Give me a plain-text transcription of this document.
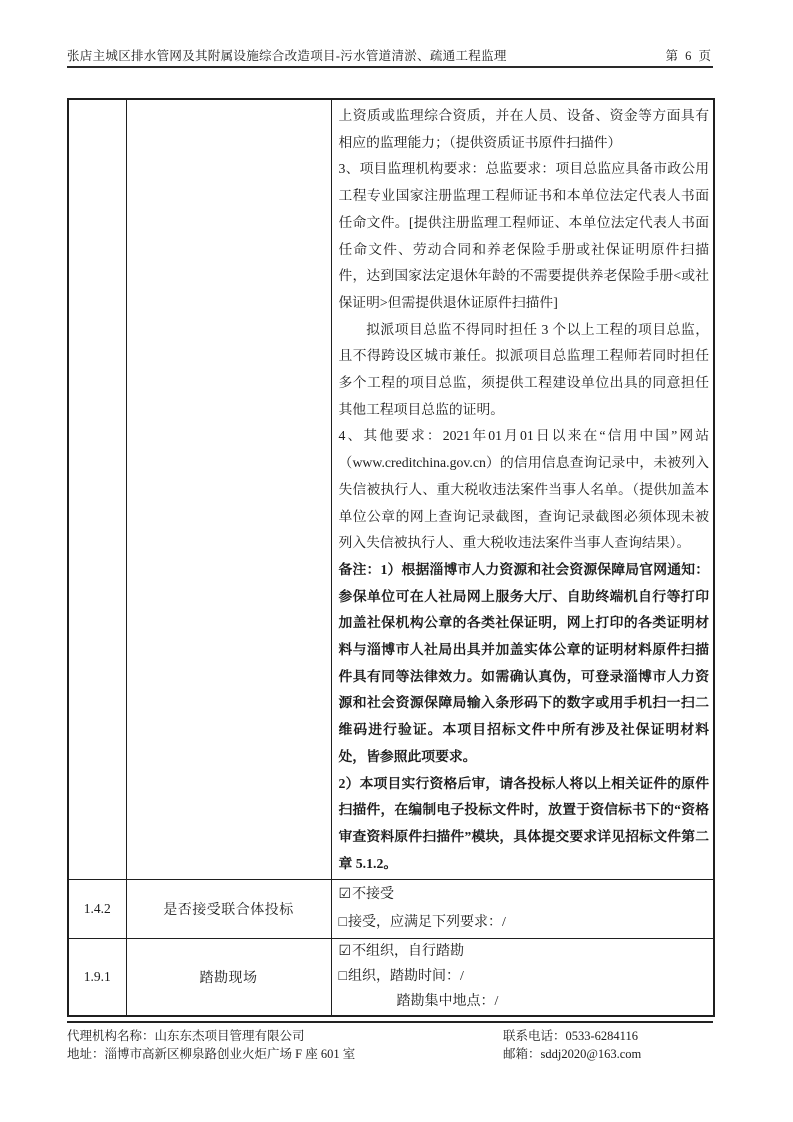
张店主城区排水管网及其附属设施综合改造项目-污水管道清淤、疏通工程监理	第 6 页

上资质或监理综合资质，并在人员、设备、资金等方面具有相应的监理能力；（提供资质证书原件扫描件）

3、项目监理机构要求：总监要求：项目总监应具备市政公用工程专业国家注册监理工程师证书和本单位法定代表人书面任命文件。[提供注册监理工程师证、本单位法定代表人书面任命文件、劳动合同和养老保险手册或社保证明原件扫描件，达到国家法定退休年龄的不需要提供养老保险手册<或社保证明>但需提供退休证原件扫描件]

拟派项目总监不得同时担任 3 个以上工程的项目总监，且不得跨设区城市兼任。拟派项目总监理工程师若同时担任多个工程的项目总监，须提供工程建设单位出具的同意担任其他工程项目总监的证明。

4、其他要求：2021年01月01日以来在“信用中国”网站（www.creditchina.gov.cn）的信用信息查询记录中，未被列入失信被执行人、重大税收违法案件当事人名单。（提供加盖本单位公章的网上查询记录截图，查询记录截图必须体现未被列入失信被执行人、重大税收违法案件当事人查询结果）。

备注：1）根据淄博市人力资源和社会资源保障局官网通知：参保单位可在人社局网上服务大厅、自助终端机自行等打印加盖社保机构公章的各类社保证明，网上打印的各类证明材料与淄博市人社局出具并加盖实体公章的证明材料原件扫描件具有同等法律效力。如需确认真伪，可登录淄博市人力资源和社会资源保障局输入条形码下的数字或用手机扫一扫二维码进行验证。本项目招标文件中所有涉及社保证明材料处，皆参照此项要求。

2）本项目实行资格后审，请各投标人将以上相关证件的原件扫描件，在编制电子投标文件时，放置于资信标书下的“资格审查资料原件扫描件”模块，具体提交要求详见招标文件第二章 5.1.2。

1.4.2	是否接受联合体投标	☑不接受
□接受，应满足下列要求：/

1.9.1	踏勘现场	☑不组织，自行踏勘
□组织，踏勘时间：/
踏勘集中地点：/
代理机构名称：山东东杰项目管理有限公司
地址：淄博市高新区柳泉路创业火炬广场 F 座 601 室
联系电话：0533-6284116
邮箱：sddj2020@163.com
